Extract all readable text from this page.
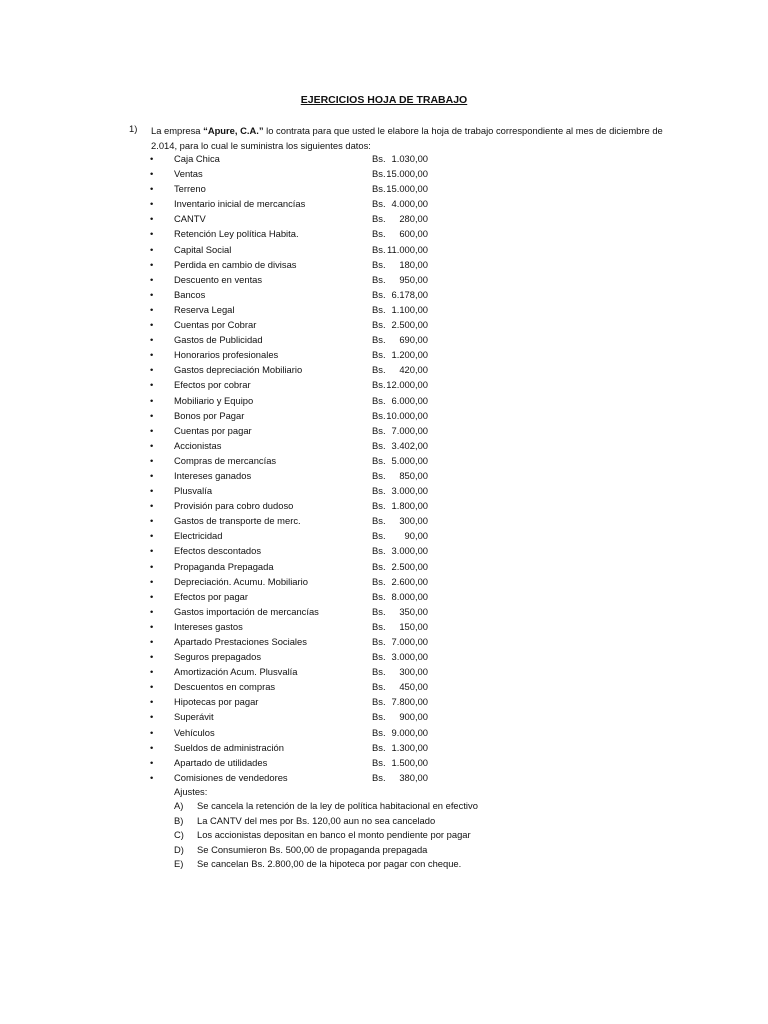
EJERCICIOS HOJA DE TRABAJO
1) La empresa “Apure, C.A.” lo contrata para que usted le elabore la hoja de trabajo correspondiente al mes de diciembre de 2.014, para lo cual le suministra los siguientes datos:
• Caja Chica	Bs. 1.030,00
• Ventas	Bs. 15.000,00
• Terreno	Bs. 15.000,00
• Inventario inicial de mercancías	Bs. 4.000,00
• CANTV	Bs. 280,00
• Retención Ley política Habita.	Bs. 600,00
• Capital Social	Bs. 11.000,00
• Perdida en cambio de divisas	Bs. 180,00
• Descuento en ventas	Bs. 950,00
• Bancos	Bs. 6.178,00
• Reserva Legal	Bs. 1.100,00
• Cuentas por Cobrar	Bs. 2.500,00
• Gastos de Publicidad	Bs. 690,00
• Honorarios profesionales	Bs. 1.200,00
• Gastos depreciación Mobiliario	Bs. 420,00
• Efectos por cobrar	Bs. 12.000,00
• Mobiliario y Equipo	Bs. 6.000,00
• Bonos por Pagar	Bs. 10.000,00
• Cuentas por pagar	Bs. 7.000,00
• Accionistas	Bs. 3.402,00
• Compras de mercancías	Bs. 5.000,00
• Intereses ganados	Bs. 850,00
• Plusvalía	Bs. 3.000,00
• Provisión para cobro dudoso	Bs. 1.800,00
• Gastos de transporte de merc.	Bs. 300,00
• Electricidad	Bs. 90,00
• Efectos descontados	Bs. 3.000,00
• Propaganda Prepagada	Bs. 2.500,00
• Depreciación. Acumu. Mobiliario	Bs. 2.600,00
• Efectos por pagar	Bs. 8.000,00
• Gastos importación de mercancías	Bs. 350,00
• Intereses gastos	Bs. 150,00
• Apartado Prestaciones Sociales	Bs. 7.000,00
• Seguros prepagados	Bs. 3.000,00
• Amortización Acum. Plusvalía	Bs. 300,00
• Descuentos en compras	Bs. 450,00
• Hipotecas por pagar	Bs. 7.800,00
• Superávit	Bs. 900,00
• Vehículos	Bs. 9.000,00
• Sueldos de administración	Bs. 1.300,00
• Apartado de utilidades	Bs. 1.500,00
• Comisiones de vendedores	Bs. 380,00
Ajustes:
A) Se cancela la retención de la ley de política habitacional en efectivo
B) La CANTV del mes por Bs. 120,00 aun no sea cancelado
C) Los accionistas depositan en banco el monto pendiente por pagar
D) Se Consumieron Bs. 500,00 de propaganda prepagada
E) Se cancelan Bs. 2.800,00 de la hipoteca por pagar con cheque.
